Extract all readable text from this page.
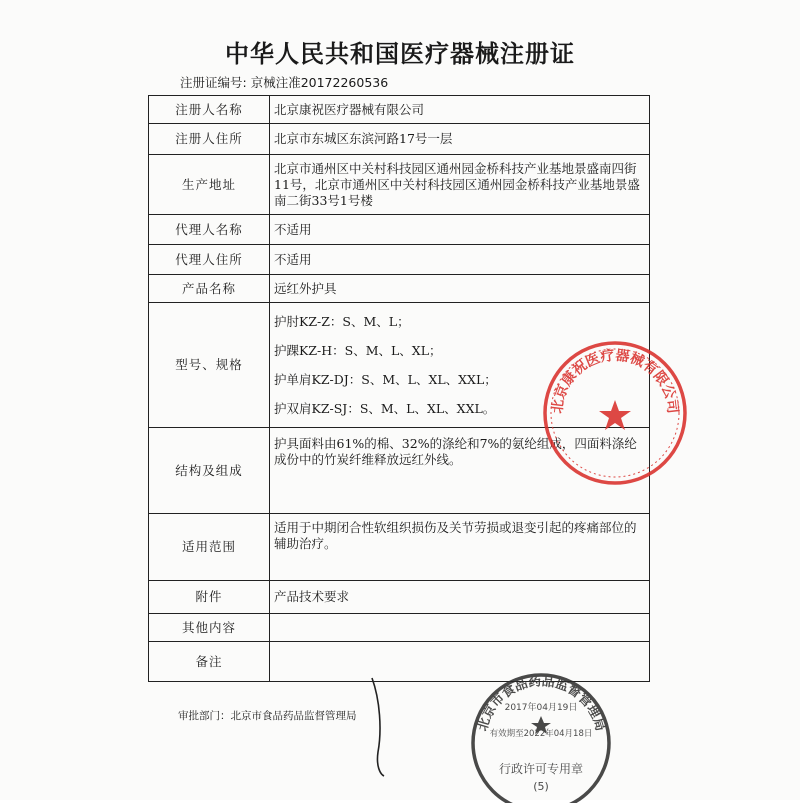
中华人民共和国医疗器械注册证
注册证编号: 京械注准20172260536
注册人名称	北京康祝医疗器械有限公司
注册人住所	北京市东城区东滨河路17号一层
生产地址	北京市通州区中关村科技园区通州园金桥科技产业基地景盛南四街11号，北京市通州区中关村科技园区通州园金桥科技产业基地景盛南二街33号1号楼
代理人名称	不适用
代理人住所	不适用
产品名称	远红外护具
型号、规格	护肘KZ-Z：S、M、L；
护踝KZ-H：S、M、L、XL；
护单肩KZ-DJ：S、M、L、XL、XXL；
护双肩KZ-SJ：S、M、L、XL、XXL。

结构及组成	护具面料由61%的棉、32%的涤纶和7%的氨纶组成，四面料涤纶成份中的竹炭纤维释放远红外线。
适用范围	适用于中期闭合性软组织损伤及关节劳损或退变引起的疼痛部位的辅助治疗。
附件	产品技术要求
其他内容	
备注	
审批部门：北京市食品药品监督管理局
北京康祝医疗器械有限公司
北京市食品药品监督管理局
2017年04月19日
有效期至2022年04月18日
行政许可专用章
(5)
